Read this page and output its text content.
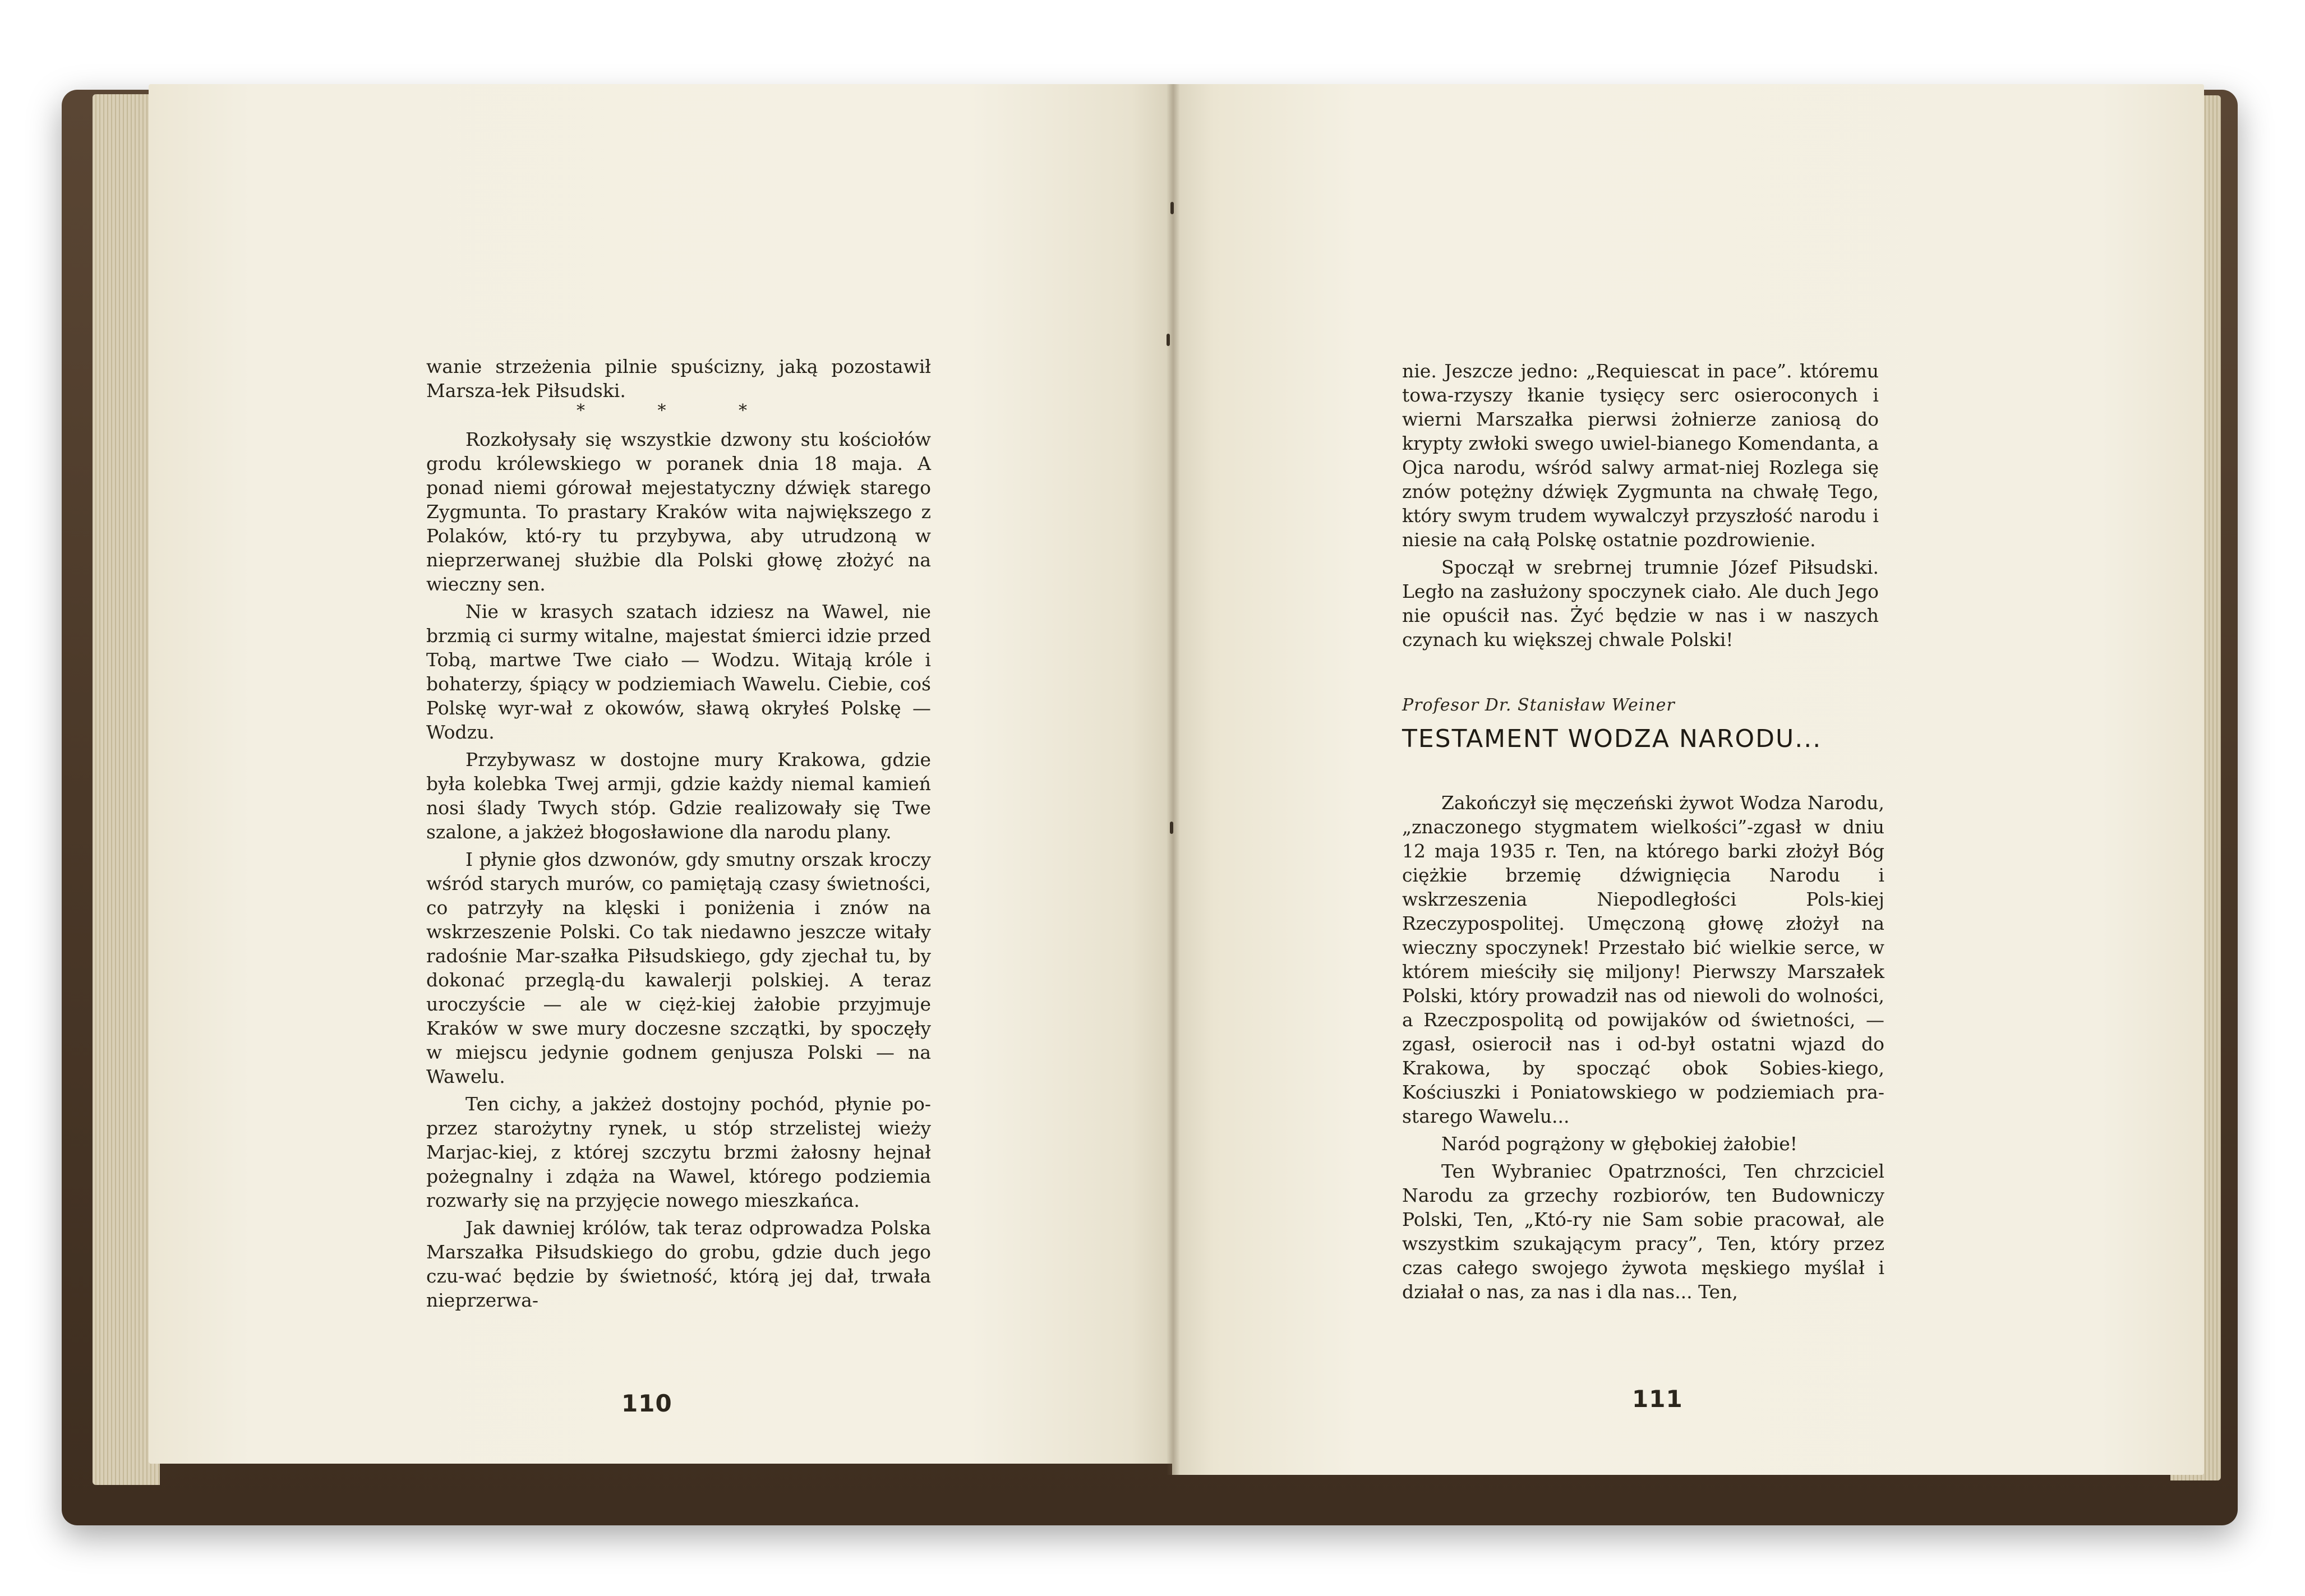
wanie strzeżenia pilnie spuścizny, jaką pozostawił Marsza-łek Piłsudski.

* * *

Rozkołysały się wszystkie dzwony stu kościołów grodu królewskiego w poranek dnia 18 maja. A ponad niemi górował mejestatyczny dźwięk starego Zygmunta. To prastary Kraków wita największego z Polaków, któ-ry tu przybywa, aby utrudzoną w nieprzerwanej służbie dla Polski głowę złożyć na wieczny sen.

Nie w krasych szatach idziesz na Wawel, nie brzmią ci surmy witalne, majestat śmierci idzie przed Tobą, martwe Twe ciało — Wodzu. Witają króle i bohaterzy, śpiący w podziemiach Wawelu. Ciebie, coś Polskę wyr-wał z okowów, sławą okryłeś Polskę — Wodzu.

Przybywasz w dostojne mury Krakowa, gdzie była kolebka Twej armji, gdzie każdy niemal kamień nosi ślady Twych stóp. Gdzie realizowały się Twe szalone, a jakżeż błogosławione dla narodu plany.

I płynie głos dzwonów, gdy smutny orszak kroczy wśród starych murów, co pamiętają czasy świetności, co patrzyły na klęski i poniżenia i znów na wskrzeszenie Polski. Co tak niedawno jeszcze witały radośnie Mar-szałka Piłsudskiego, gdy zjechał tu, by dokonać przeglą-du kawalerji polskiej. A teraz uroczyście — ale w cięż-kiej żałobie przyjmuje Kraków w swe mury doczesne szczątki, by spoczęły w miejscu jedynie godnem genjusza Polski — na Wawelu.

Ten cichy, a jakżeż dostojny pochód, płynie po-przez starożytny rynek, u stóp strzelistej wieży Marjac-kiej, z której szczytu brzmi żałosny hejnał pożegnalny i zdąża na Wawel, którego podziemia rozwarły się na przyjęcie nowego mieszkańca.

Jak dawniej królów, tak teraz odprowadza Polska Marszałka Piłsudskiego do grobu, gdzie duch jego czu-wać będzie by świetność, którą jej dał, trwała nieprzerwa-

110

nie. Jeszcze jedno: „Requiescat in pace”. któremu towa-rzyszy łkanie tysięcy serc osieroconych i wierni Marszałka pierwsi żołnierze zaniosą do krypty zwłoki swego uwiel-bianego Komendanta, a Ojca narodu, wśród salwy armat-niej Rozlega się znów potężny dźwięk Zygmunta na chwałę Tego, który swym trudem wywalczył przyszłość narodu i niesie na całą Polskę ostatnie pozdrowienie.

Spoczął w srebrnej trumnie Józef Piłsudski. Legło na zasłużony spoczynek ciało. Ale duch Jego nie opuścił nas. Żyć będzie w nas i w naszych czynach ku większej chwale Polski!

Profesor Dr. Stanisław Weiner
TESTAMENT WODZA NARODU...

Zakończył się męczeński żywot Wodza Narodu, „znaczonego stygmatem wielkości”-zgasł w dniu 12 maja 1935 r. Ten, na którego barki złożył Bóg ciężkie brzemię dźwignięcia Narodu i wskrzeszenia Niepodległości Pols-kiej Rzeczypospolitej. Umęczoną głowę złożył na wieczny spoczynek! Przestało bić wielkie serce, w którem mieściły się miljony! Pierwszy Marszałek Polski, który prowadził nas od niewoli do wolności, a Rzeczpospolitą od powijaków od świetności, — zgasł, osierocił nas i od-był ostatni wjazd do Krakowa, by spocząć obok Sobies-kiego, Kościuszki i Poniatowskiego w podziemiach pra-starego Wawelu...

Naród pogrążony w głębokiej żałobie!

Ten Wybraniec Opatrzności, Ten chrzciciel Narodu za grzechy rozbiorów, ten Budowniczy Polski, Ten, „Któ-ry nie Sam sobie pracował, ale wszystkim szukającym pracy”, Ten, który przez czas całego swojego żywota męskiego myślał i działał o nas, za nas i dla nas... Ten,

111
